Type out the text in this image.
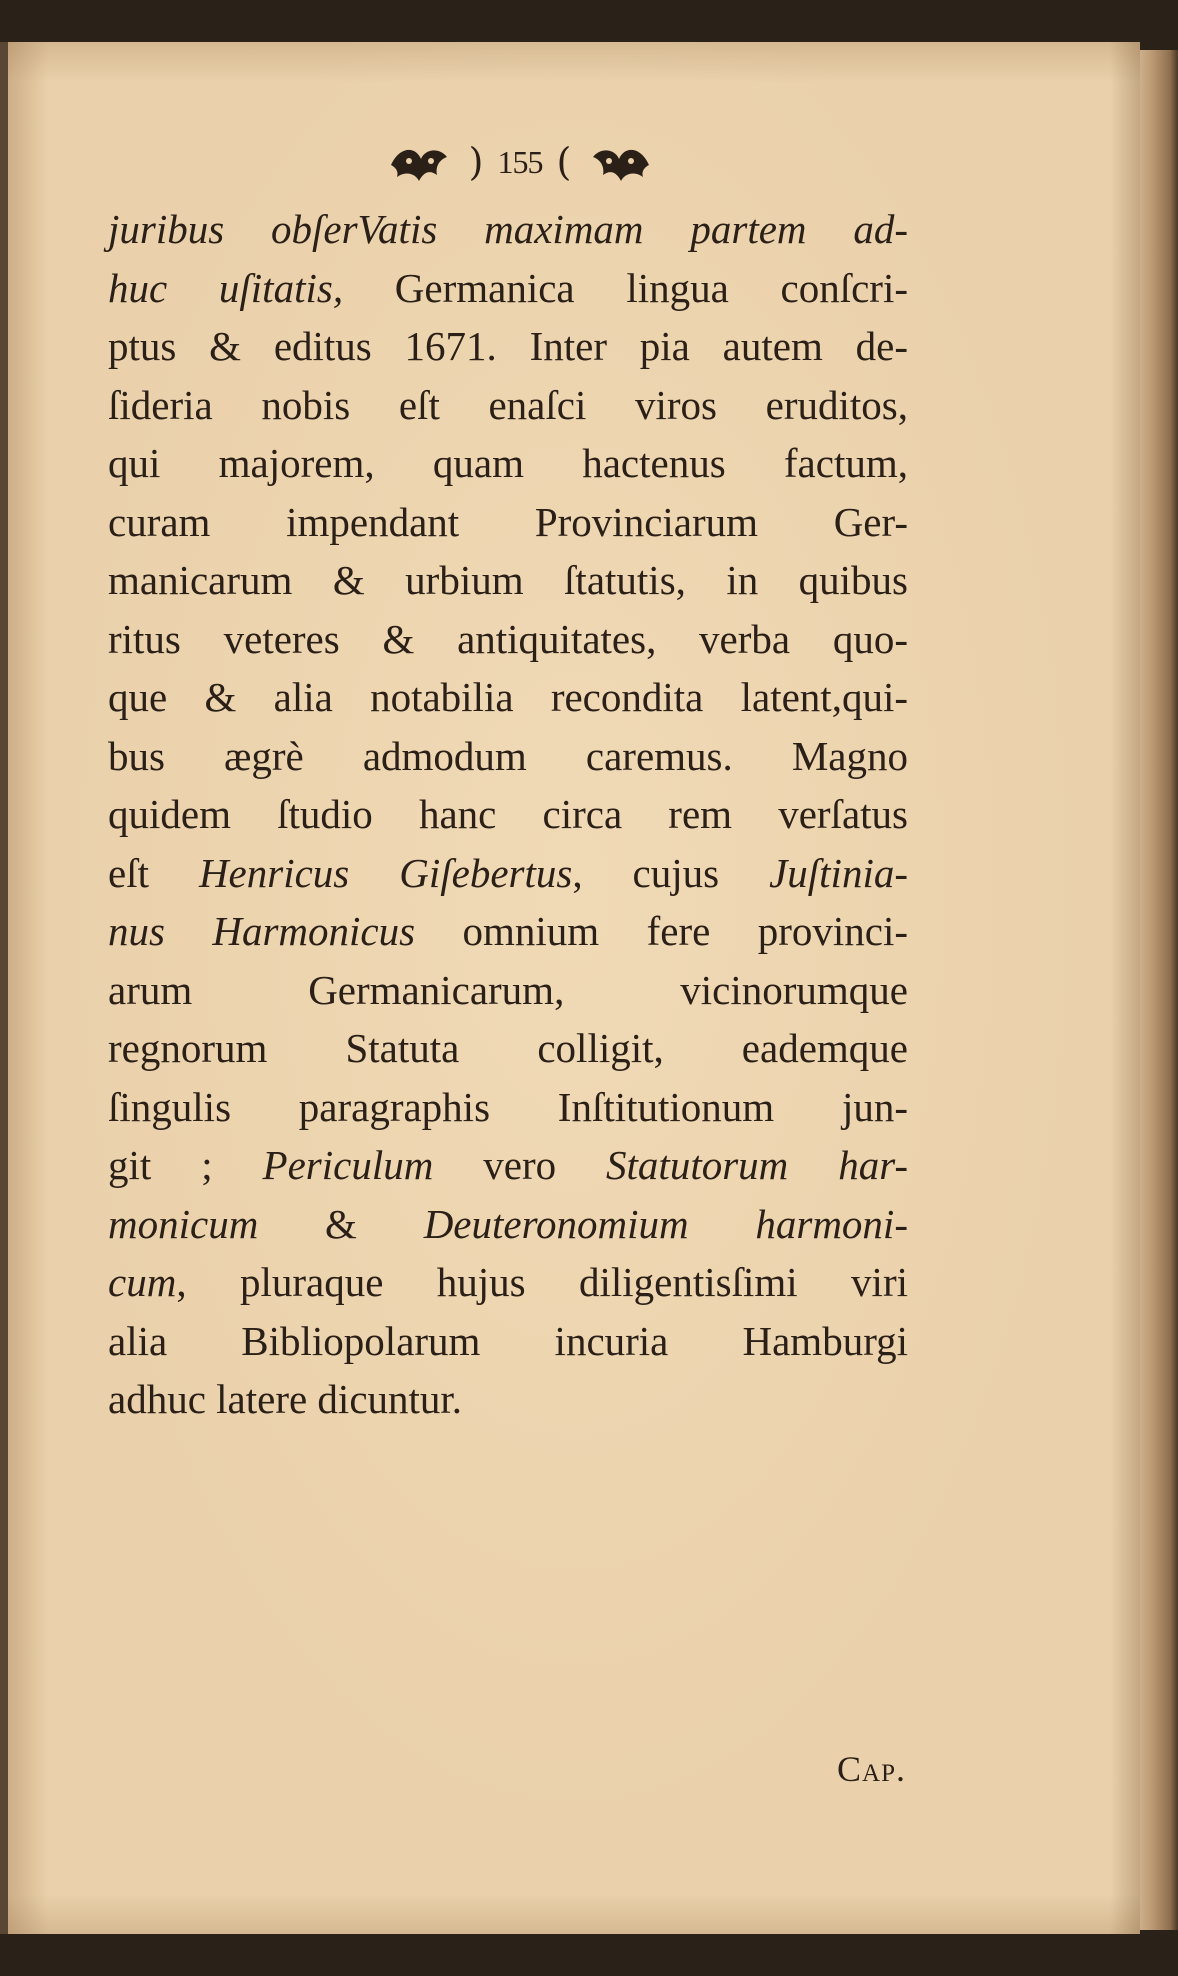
) 155 (
juribus obſerVatis maximam partem ad-
huc uſitatis, Germanica lingua conſcri-
ptus & editus 1671. Inter pia autem de-
ſideria nobis eſt enaſci viros eruditos,
qui majorem, quam hactenus factum,
curam impendant Provinciarum Ger-
manicarum & urbium ſtatutis, in quibus
ritus veteres & antiquitates, verba quo-
que & alia notabilia recondita latent,qui-
bus ægrè admodum caremus. Magno
quidem ſtudio hanc circa rem verſatus
eſt Henricus Giſebertus, cujus Juſtinia-
nus Harmonicus omnium fere provinci-
arum Germanicarum, vicinorumque
regnorum Statuta colligit, eademque
ſingulis paragraphis Inſtitutionum jun-
git ; Periculum vero Statutorum har-
monicum & Deuteronomium harmoni-
cum, pluraque hujus diligentisſimi viri
alia Bibliopolarum incuria Hamburgi
adhuc latere dicuntur.
Cap.
